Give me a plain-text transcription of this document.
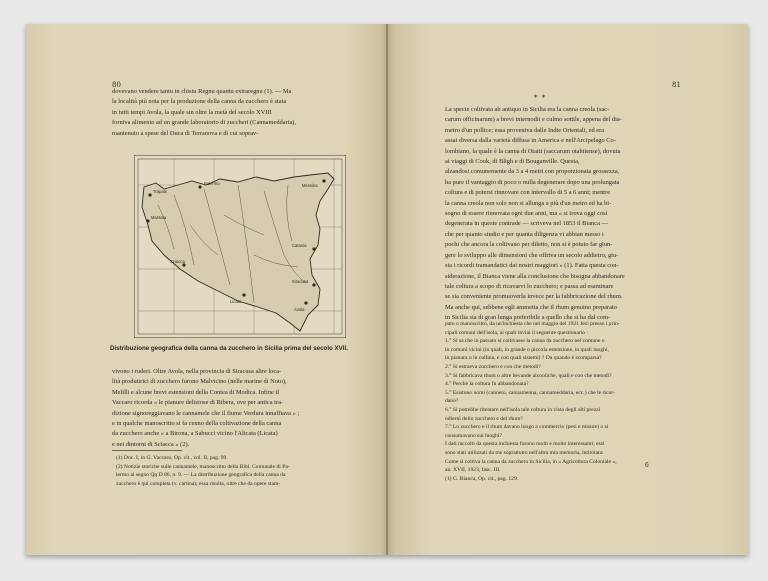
80

dovevano vendere tantu in chistu Regnu quantu extraregnu (1). — Ma

la località più nota per la produzione della canna da zucchero è stata

in tutti tempi Avola, la quale sin oltre la metà del secolo XVIII

forniva alimento ad un grande laboratorio di zuccheri (Cannameddaria),

mantenuto a spese del Duca di Terranova e di cui soprav-

Palermo
Trapani
Marsala
Messina
Catania
Siracusa
Licata
Sciacca
Avola
Distribuzione geografica della canna da zucchero in Sicilia prima del secolo XVII.

vivono i ruderi. Oltre Avola, nella provincia di Siracusa altre loca-

lità produttrici di zucchero furono Malvicino (nelle marine di Noto),

Melilli e alcune brevi estensioni della Contea di Modica. Infine il

Vaccaro ricorda « le pianure deliziose di Ribera, ove per antica tra-

dizione signoreggiavano le cannamele che il fiume Verdura innaffiava » ;

e in qualche manoscritto si fa cenno della coltivazione della canna

da zucchero anche « a Birona, a Sabucci vicino l'Alicata (Licata)

e nei dintorni di Sciacca » (2).

(1) Doc. I, in G. Vaccaro, Op. cit., vol. II, pag. 99.

(2) Notizie storiche sulle cannamele, manoscritto della Bibl. Comunale di Pa-

lermo al segno Qq D 86, n. 9. — La distribuzione geografica della canna da

zucchero è qui completa (v. cartina); essa risulta, oltre che da opere stam-

81
* *

La specie coltivata ab antiquo in Sicilia era la canna creola (sac-

carum officinarum) a brevi internodii e culmo sottile, appena del dia-

metro d'un pollice; essa proveniva dalle Indie Orientali, ed era

assai diversa dalla varietà diffusa in America e nell'Arcipelago Co-

lombiano, la quale è la canna di Otaiti (saccarum otahitense), dovuta

ai viaggi di Cook, di Bligh e di Bouganville. Questa,

alzandosi comunemente da 3 a 4 metri con proporzionata grossezza,

ha pure il vantaggio di poco o nulla degenerare dopo una prolungata

coltura e di potersi rinnovare con intervallo di 5 a 6 anni; mentre

la canna creola non solo non si allunga a più d'un metro ed ha bi-

sogno di essere rinnovata ogni due anni, ma « si trova oggi così

degenerata in queste contrade — scriveva nel 1853 il Bianca —

che per quanto studio e per quanta diligenza vi abbian messo i

pochi che ancora la coltivano per diletto, non si è potuto far giun-

gere lo sviluppo alle dimensioni che offriva un secolo addietro, giu-

sta i ricordi tramandatici dai nostri maggiori » (1). Fatta questa con-

siderazione, il Bianca viene alla conclusione che bisogna abbandonare

tale coltura a scopo di ricavarvi lo zucchero; e passa ad esaminare

se sia conveniente promuoverla invece per la fabbricazione del rhum.

Ma anche qui, sebbene egli ammetta che il rhum genuino preparato

in Sicilia sia di gran lunga preferibile a quello che si ha dal com-

pato o manoscritto, da un'inchiesta che nel maggio del 1921 feci presso i prin-

cipali comuni dell'isola, ai quali inviai il seguente questionario :

1.° Si sa che in passato si coltivasse la canna da zucchero nel comune o

in comuni vicini (in quali, in grande o piccola estensione, in quali luoghi,

in pianura o in collina, e con quali sistemi) ? Da quando è scomparsa?

2.° Si estraeva zucchero e con che metodi?

3.° Si fabbricava rhum o altre bevande alcooliche, quali e con che metodi?

4.° Perchè la coltura fu abbandonata?

5.° Esistono nomi (canneto, cannamenna, cannameddaria, ecc.) che le ricor-

dano?

6.° Si potrebbe ritentare nell'isola tale coltura in vista degli alti prezzi

odierni dello zucchero e del rhum?

7.° Lo zucchero e il rhum davano luogo a commercio (pesi e misure) o si

consumavano sui luoghi?

I dati raccolti da questa inchiesta furono molti e molto interessanti; essi

sono stati utilizzati da me soprattutto nell'altra mia memoria, intitolata:

Come si coltiva la canna da zucchero in Sicilia, in « Agricoltura Coloniale »,

an. XVII, 1923, fasc. III.

(1) G. Bianca, Op. cit., pag. 129.

6
